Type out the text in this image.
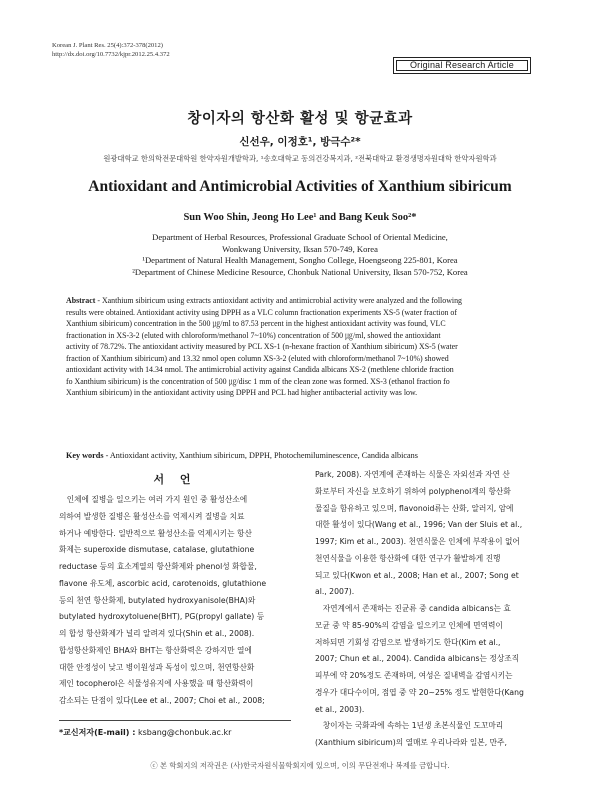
Korean J. Plant Res. 25(4):372-378(2012)
http://dx.doi.org/10.7732/kjpr.2012.25.4.372
Original Research Article
창이자의 항산화 활성 및 항균효과
신선우, 이정호¹, 방극수²*
원광대학교 한의학전문대학원 한약자원개발학과, ¹송호대학교 동의건강복지과, ²전북대학교 환경생명자원대학 한약자원학과
Antioxidant and Antimicrobial Activities of Xanthium sibiricum
Sun Woo Shin, Jeong Ho Lee¹ and Bang Keuk Soo²*
Department of Herbal Resources, Professional Graduate School of Oriental Medicine,
Wonkwang University, Iksan 570-749, Korea
¹Department of Natural Health Management, Songho College, Hoengseong 225-801, Korea
²Department of Chinese Medicine Resource, Chonbuk National University, Iksan 570-752, Korea
Abstract - Xanthium sibiricum using extracts antioxidant activity and antimicrobial activity were analyzed and the following
results were obtained. Antioxidant activity using DPPH as a VLC column fractionation experiments XS-5 (water fraction of
Xanthium sibiricum) concentration in the 500 ㎍/ml to 87.53 percent in the highest antioxidant activity was found, VLC
fractionation in XS-3-2 (eluted with chloroform/methanol 7~10%) concentration of 500 ㎍/ml, showed the antioxidant
activity of 78.72%. The antioxidant activity measured by PCL XS-1 (n-hexane fraction of Xanthium sibiricum) XS-5 (water
fraction of Xanthium sibiricum) and 13.32 nmol open column XS-3-2 (eluted with chloroform/methanol 7~10%) showed
antioxidant activity with 14.34 nmol. The antimicrobial activity against Candida albicans XS-2 (methlene chloride fraction
fo Xanthium sibiricum) is the concentration of 500 ㎍/disc 1 mm of the clean zone was formed. XS-3 (ethanol fraction fo
Xanthium sibiricum) in the antioxidant activity using DPPH and PCL had higher antibacterial activity was low.
Key words - Antioxidant activity, Xanthium sibiricum, DPPH, Photochemiluminescence, Candida albicans
서 언
　인체에 질병을 일으키는 여러 가지 원인 중 활성산소에
의하여 발생한 질병은 활성산소를 억제시켜 질병을 치료
하거나 예방한다. 일반적으로 활성산소를 억제시키는 항산
화제는 superoxide dismutase, catalase, glutathione
reductase 등의 효소계열의 항산화제와 phenol성 화합물,
flavone 유도체, ascorbic acid, carotenoids, glutathione
등의 천연 항산화제, butylated hydroxyanisole(BHA)와
butylated hydroxytoluene(BHT), PG(propyl gallate) 등
의 합성 항산화제가 널리 알려져 있다(Shin et al., 2008).
합성항산화제인 BHA와 BHT는 항산화력은 강하지만 열에
대한 안정성이 낮고 병이원성과 독성이 있으며, 천연항산화
제인 tocopherol은 식물성유지에 사용했을 때 항산화력이
감소되는 단점이 있다(Lee et al., 2007; Choi et al., 2008;
Park, 2008). 자연계에 존재하는 식물은 자외선과 자연 산
화로부터 자신을 보호하기 위하여 polyphenol계의 항산화
물질을 함유하고 있으며, flavonoid류는 산화, 알러지, 암에
대한 활성이 있다(Wang et al., 1996; Van der Sluis et al.,
1997; Kim et al., 2003). 천연식물은 인체에 부작용이 없어
천연식물을 이용한 항산화에 대한 연구가 활발하게 진행
되고 있다(Kwon et al., 2008; Han et al., 2007; Song et
al., 2007).
　자연계에서 존재하는 진균류 중 candida albicans는 효
모균 중 약 85-90%의 감염을 일으키고 인체에 면역력이
저하되면 기회성 감염으로 발생하기도 한다(Kim et al.,
2007; Chun et al., 2004). Candida albicans는 정상조직
피부에 약 20%정도 존재하며, 여성은 질내벽을 감염시키는
경우가 대다수이며, 점엽 중 약 20~25% 정도 발현한다(Kang
et al., 2003).
　창이자는 국화과에 속하는 1년생 초본식물인 도꼬마리
(Xanthium sibiricum)의 열매로 우리나라와 일본, 만주,
*교신저자(E-mail) : ksbang@chonbuk.ac.kr
ⓒ 본 학회지의 저작권은 (사)한국자원식물학회지에 있으며, 이의 무단전재나 복제를 금합니다.
